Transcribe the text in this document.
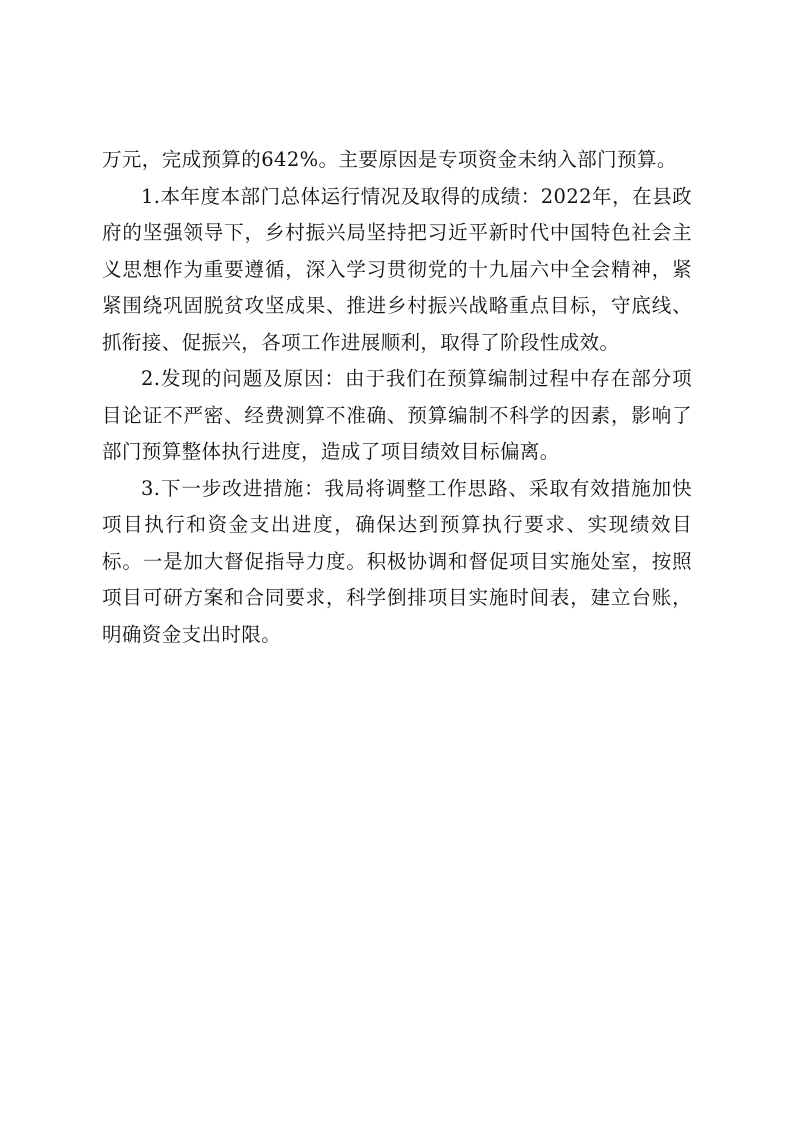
万元，完成预算的642%。主要原因是专项资金未纳入部门预算。

1.本年度本部门总体运行情况及取得的成绩：2022年，在县政府的坚强领导下，乡村振兴局坚持把习近平新时代中国特色社会主义思想作为重要遵循，深入学习贯彻党的十九届六中全会精神，紧紧围绕巩固脱贫攻坚成果、推进乡村振兴战略重点目标，守底线、抓衔接、促振兴，各项工作进展顺利，取得了阶段性成效。

2.发现的问题及原因：由于我们在预算编制过程中存在部分项目论证不严密、经费测算不准确、预算编制不科学的因素，影响了部门预算整体执行进度，造成了项目绩效目标偏离。

3.下一步改进措施：我局将调整工作思路、采取有效措施加快项目执行和资金支出进度，确保达到预算执行要求、实现绩效目标。一是加大督促指导力度。积极协调和督促项目实施处室，按照项目可研方案和合同要求，科学倒排项目实施时间表，建立台账，明确资金支出时限。
